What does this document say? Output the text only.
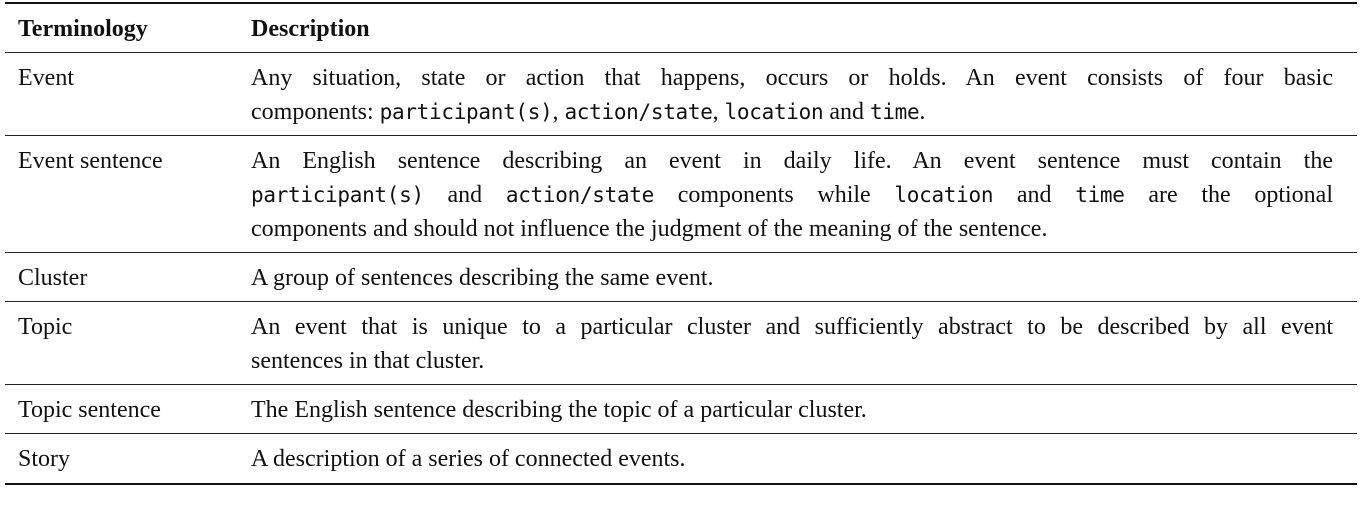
Terminology	Description
Event	Any situation, state or action that happens, occurs or holds. An event consists of four basic
components: participant(s), action/state, location and time.
Event sentence	An English sentence describing an event in daily life. An event sentence must contain the
participant(s) and action/state components while location and time are the optional
components and should not influence the judgment of the meaning of the sentence.
Cluster	A group of sentences describing the same event.
Topic	An event that is unique to a particular cluster and sufficiently abstract to be described by all event
sentences in that cluster.
Topic sentence	The English sentence describing the topic of a particular cluster.
Story	A description of a series of connected events.
